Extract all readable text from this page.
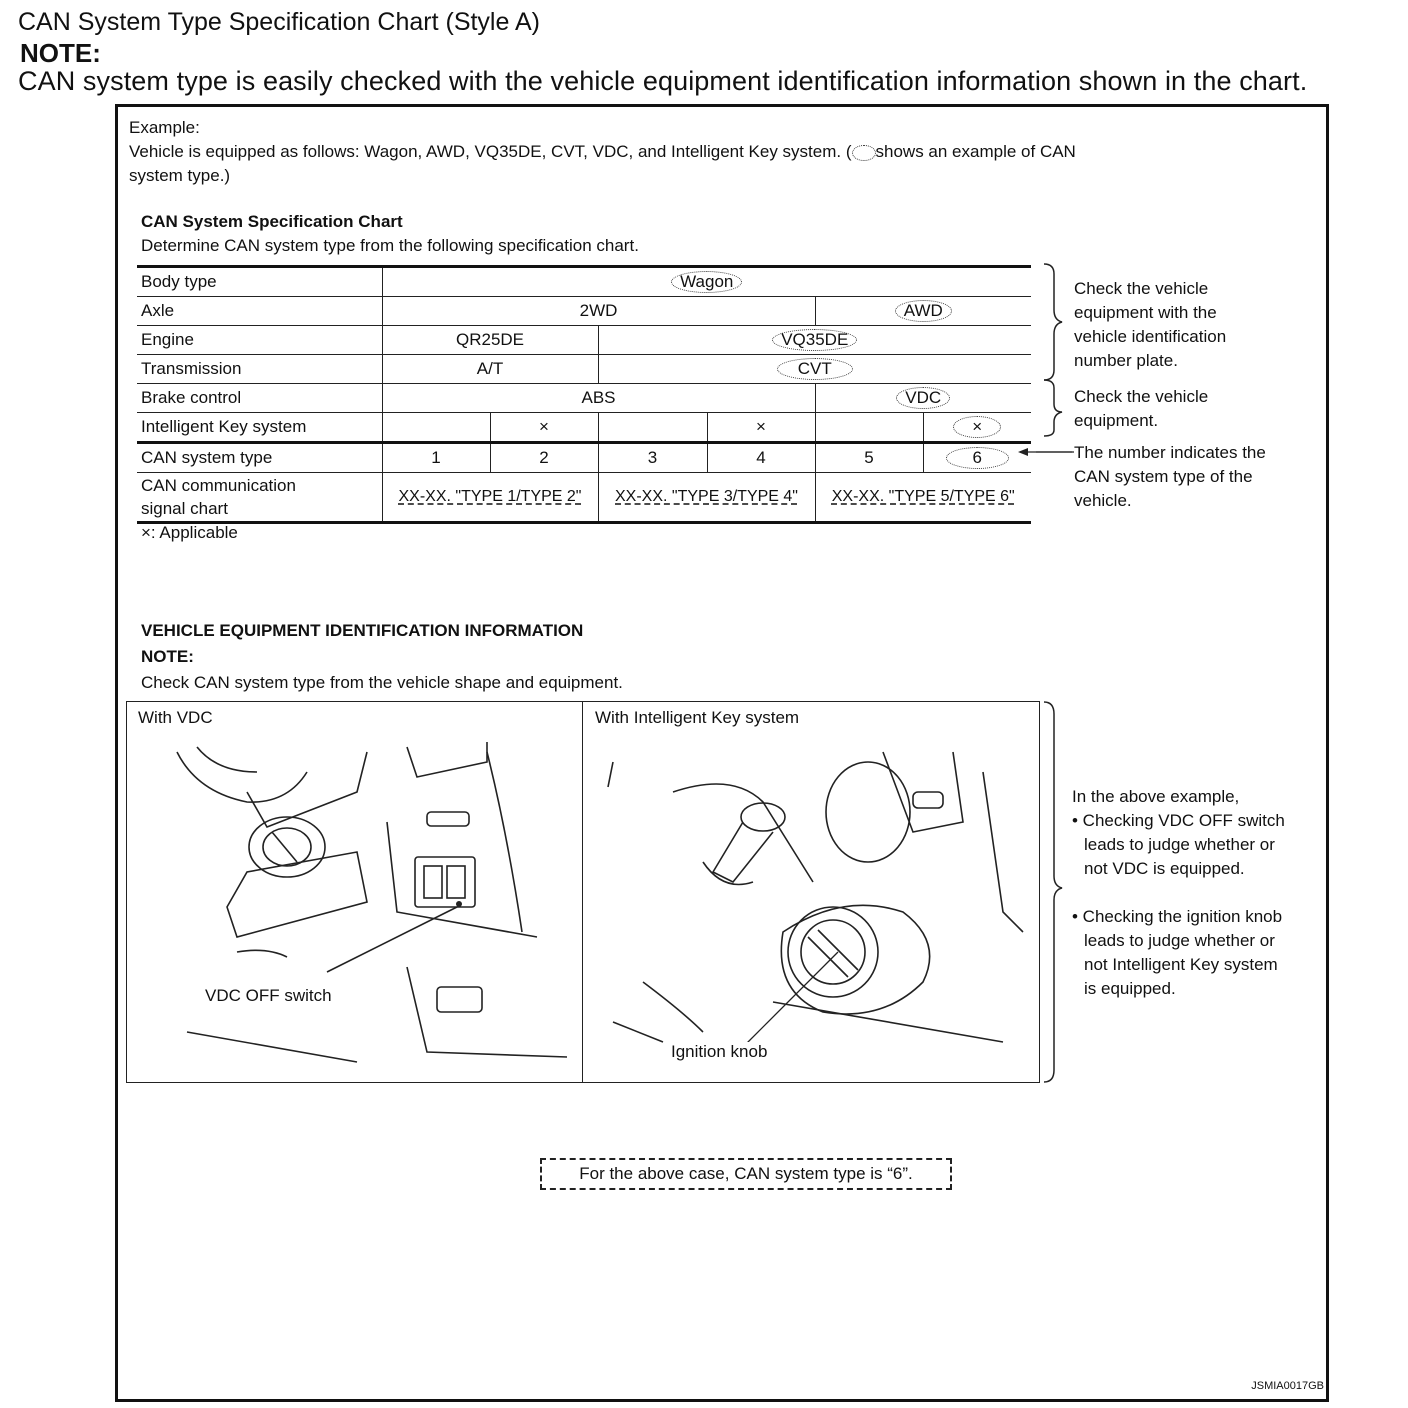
CAN System Type Specification Chart (Style A)
NOTE:
CAN system type is easily checked with the vehicle equipment identification information shown in the chart.
Example:
Vehicle is equipped as follows: Wagon, AWD, VQ35DE, CVT, VDC, and Intelligent Key system. ( shows an example of CAN
system type.)
CAN System Specification Chart
Determine CAN system type from the following specification chart.
Body type	Wagon					
Axle	2WD				AWD	
Engine	QR25DE		VQ35DE			
Transmission	A/T		CVT			
Brake control	ABS				VDC	
Intelligent Key system		×		×		×
CAN system type	1	2	3	4	5	6
CAN communication
signal chart	XX-XX. "TYPE 1/TYPE 2"		XX-XX. "TYPE 3/TYPE 4"		XX-XX. "TYPE 5/TYPE 6"	
×: Applicable
Check the vehicle
equipment with the
vehicle identification
number plate.
Check the vehicle
equipment.
The number indicates the
CAN system type of the
vehicle.
VEHICLE EQUIPMENT IDENTIFICATION INFORMATION
NOTE:
Check CAN system type from the vehicle shape and equipment.
With VDC
VDC OFF switch
With Intelligent Key system
Ignition knob
In the above example,
• Checking VDC OFF switch
leads to judge whether or
not VDC is equipped.
• Checking the ignition knob
leads to judge whether or
not Intelligent Key system
is equipped.
For the above case, CAN system type is “6”.
JSMIA0017GB
